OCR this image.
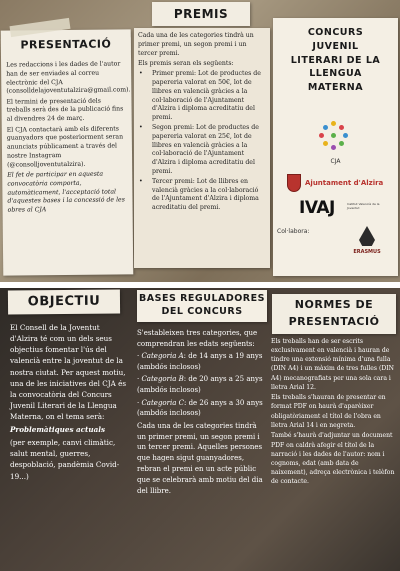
PRESENTACIÓ

Les redaccions i les dades de l'autor han de ser enviades al correu electrònic del CJA (consolldelajoventutalzira@gmail.com).

El termini de presentació dels treballs serà des de la publicació fins al divendres 24 de març.

El CJA contactarà amb els diferents guanyadors que posteriorment seran anunciats públicament a través del nostre Instagram (@consolljoventutalzira).

El fet de participar en aquesta convocatòria comporta, automàticament, l'acceptació total d'aquestes bases i la concessió de les obres al CJA

PREMIS

Cada una de les categories tindrà un primer premi, un segon premi i un tercer premi.

Els premis seran els següents:

• Primer premi: Lot de productes de papereria valorat en 50€, lot de llibres en valencià gràcies a la col·laboració de l'Ajuntament d'Alzira i diploma acreditatiu del premi.
• Segon premi: Lot de productes de papereria valorat en 25€, lot de llibres en valencià gràcies a la col·laboració de l'Ajuntament d'Alzira i diploma acreditatiu del premi.
• Tercer premi: Lot de llibres en valencià gràcies a la col·laboració de l'Ajuntament d'Alzira i diploma acreditatiu del premi.
CONCURS
JUVENIL
LITERARI DE LA
LLENGUA
MATERNA
CJA
Ajuntament d'Alzira
IVAJ	Institut Valencià de la Joventut
Col·labora:
ERASMUS
OBJECTIU

El Consell de la Joventut d'Alzira té com un dels seus objectius fomentar l'ús del valencià entre la joventut de la nostra ciutat. Per aquest motiu, una de les iniciatives del CJA és la convocatòria del Concurs Juvenil Literari de la Llengua Materna, on el tema serà:

Problemàtiques actuals

(per exemple, canvi climàtic, salut mental, guerres, despoblació, pandèmia Covid-19...)

BASES REGULADORES
DEL CONCURS

S'estableixen tres categories, que comprendran les edats següents:

· Categoria A: de 14 anys a 19 anys (ambdós inclosos)

· Categoria B: de 20 anys a 25 anys (ambdós inclosos)

· Categoria C: de 26 anys a 30 anys (ambdós inclosos)

Cada una de les categories tindrà un primer premi, un segon premi i un tercer premi. Aquelles persones que hagen sigut guanyadores, rebran el premi en un acte públic que se celebrarà amb motiu del dia del llibre.

NORMES DE
PRESENTACIÓ

Els treballs han de ser escrits exclusivament en valencià i hauran de tindre una extensió mínima d'una fulla (DIN A4) i un màxim de tres fulles (DIN A4) mecanografiats per una sola cara i lletra Arial 12.

Els treballs s'hauran de presentar en format PDF on haurà d'aparèixer obligatòriament el títol de l'obra en lletra Arial 14 i en negreta.

També s'haurà d'adjuntar un document PDF on caldrà afegir el títol de la narració i les dades de l'autor: nom i cognoms, edat (amb data de naixement), adreça electrònica i telèfon de contacte.
